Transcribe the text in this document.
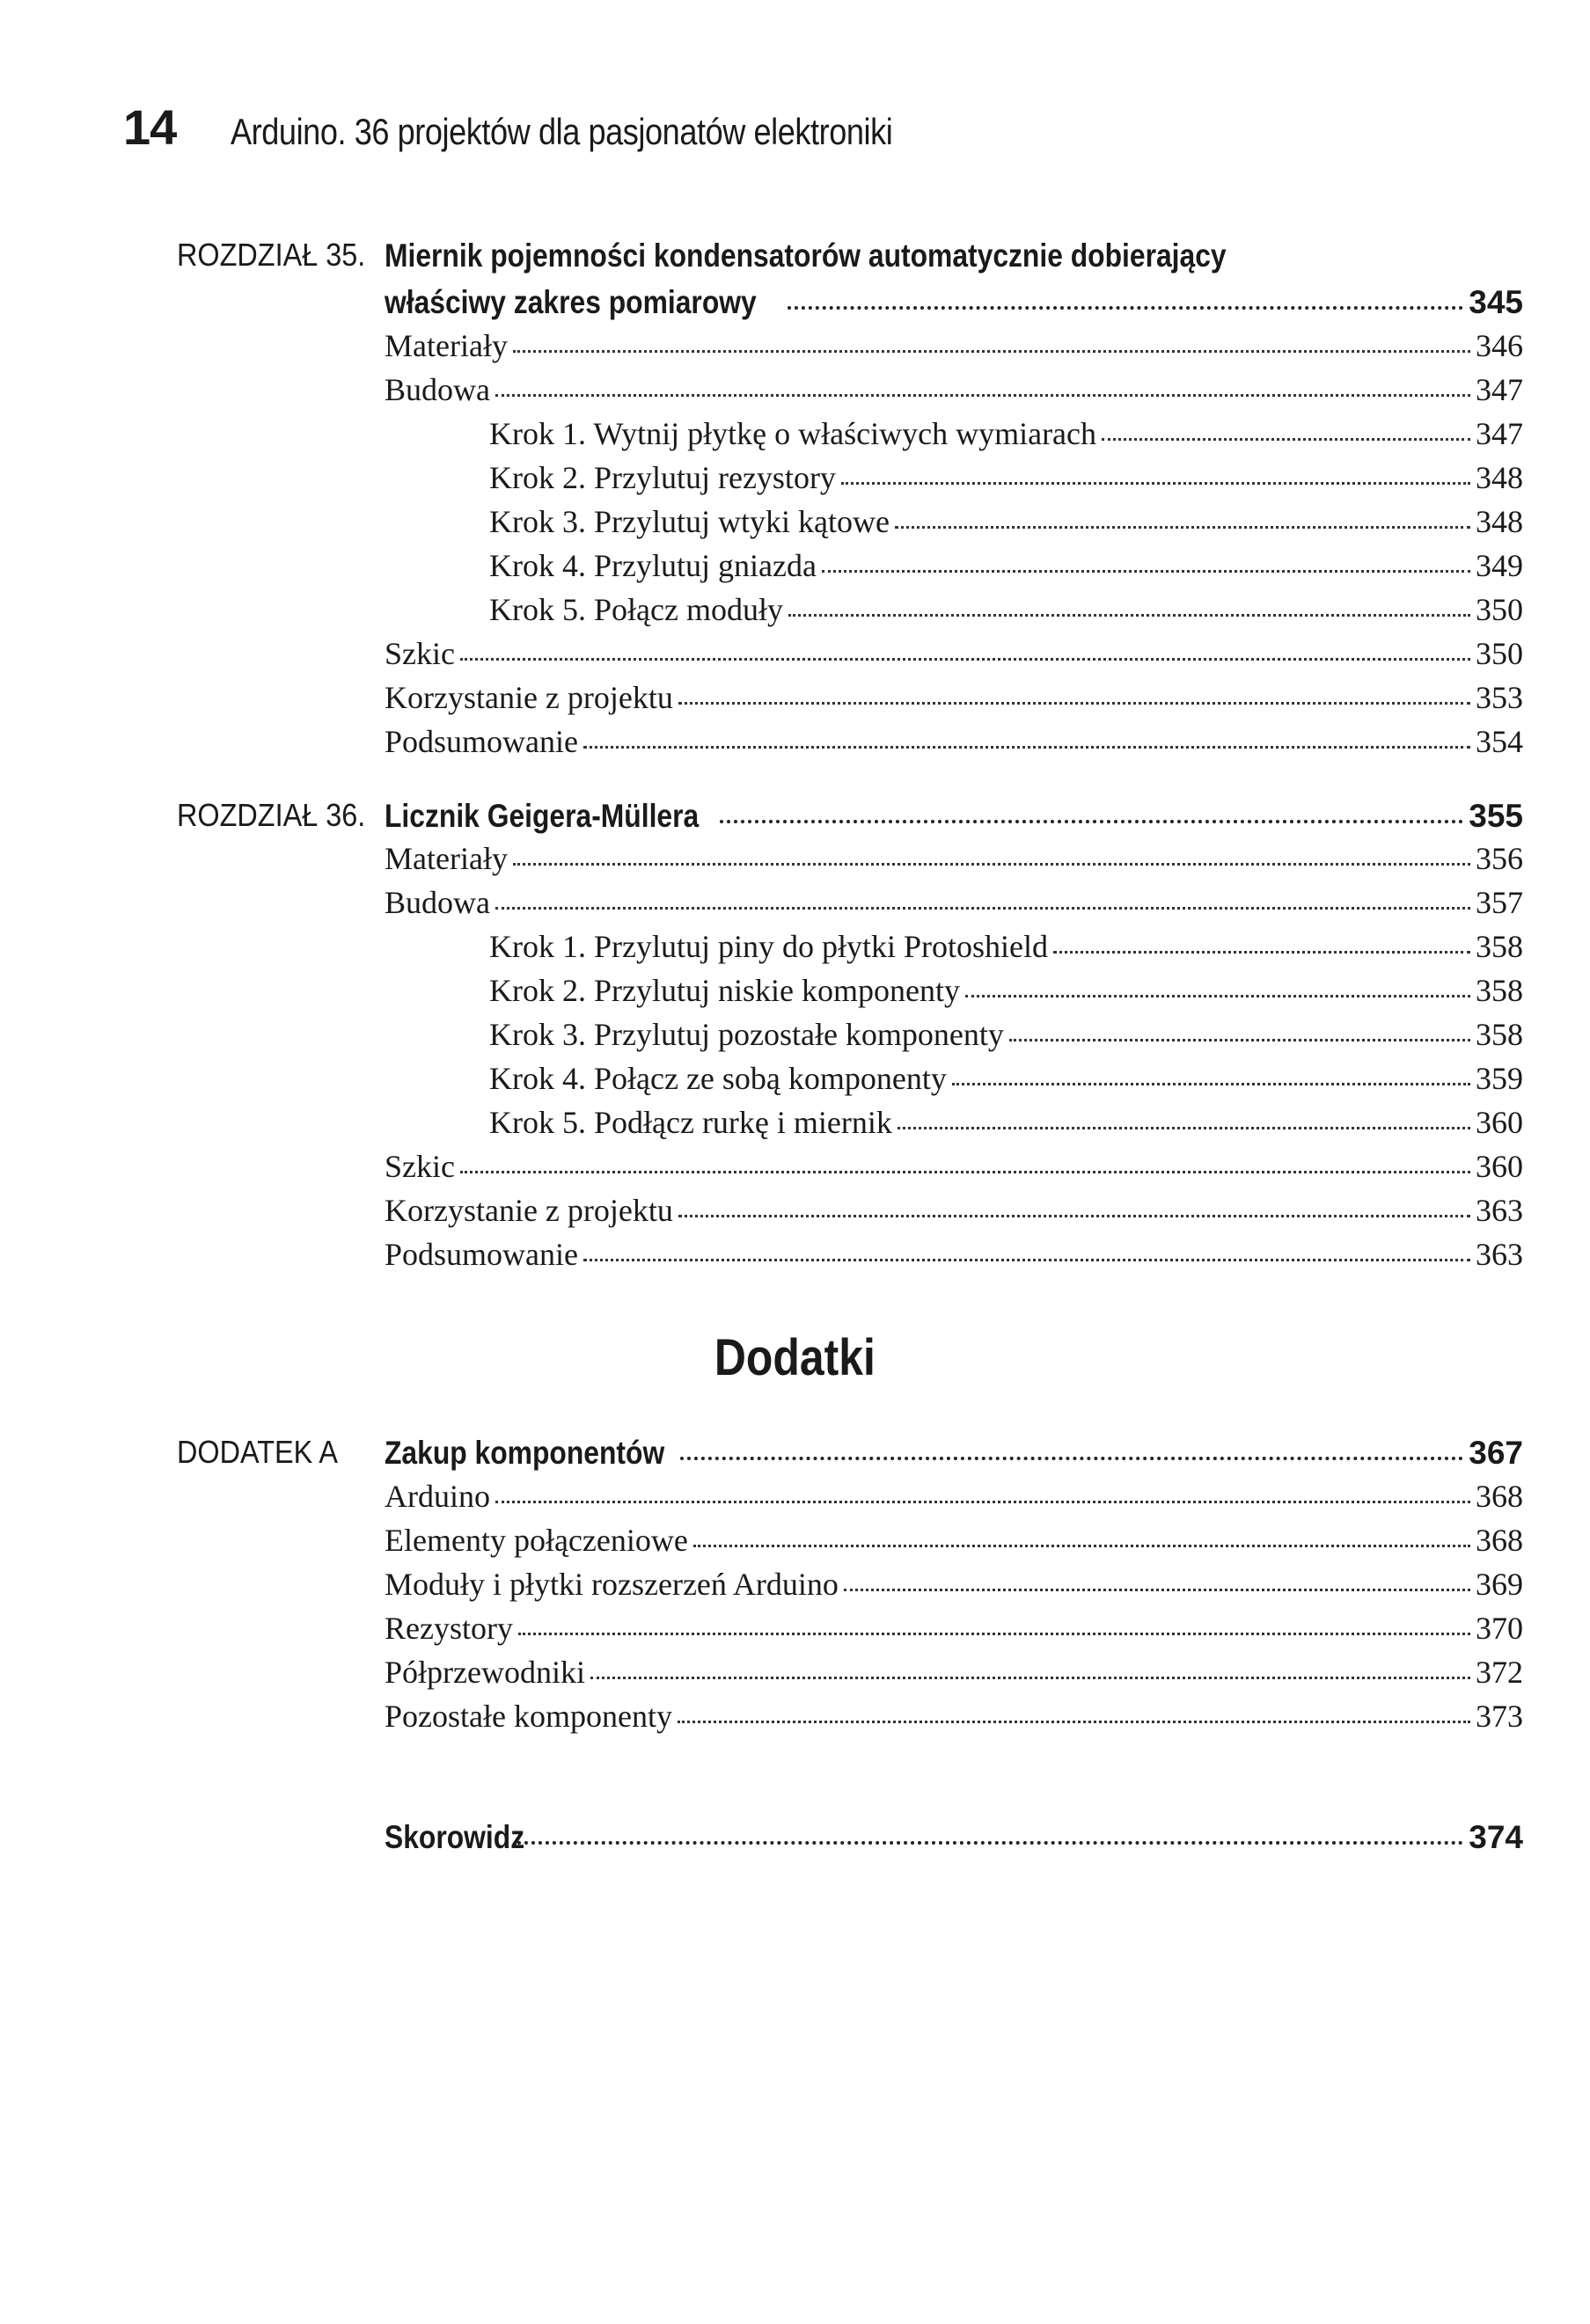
14 Arduino. 36 projektów dla pasjonatów elektroniki
ROZDZIAŁ 35. Miernik pojemności kondensatorów automatycznie dobierający
właściwy zakres pomiarowy	345
Materiały	346
Budowa	347
Krok 1. Wytnij płytkę o właściwych wymiarach	347
Krok 2. Przylutuj rezystory	348
Krok 3. Przylutuj wtyki kątowe	348
Krok 4. Przylutuj gniazda	349
Krok 5. Połącz moduły	350
Szkic	350
Korzystanie z projektu	353
Podsumowanie	354
ROZDZIAŁ 36. Licznik Geigera-Müllera	355
Materiały	356
Budowa	357
Krok 1. Przylutuj piny do płytki Protoshield	358
Krok 2. Przylutuj niskie komponenty	358
Krok 3. Przylutuj pozostałe komponenty	358
Krok 4. Połącz ze sobą komponenty	359
Krok 5. Podłącz rurkę i miernik	360
Szkic	360
Korzystanie z projektu	363
Podsumowanie	363
Dodatki
DODATEK A Zakup komponentów	367
Arduino	368
Elementy połączeniowe	368
Moduły i płytki rozszerzeń Arduino	369
Rezystory	370
Półprzewodniki	372
Pozostałe komponenty	373
Skorowidz	374
